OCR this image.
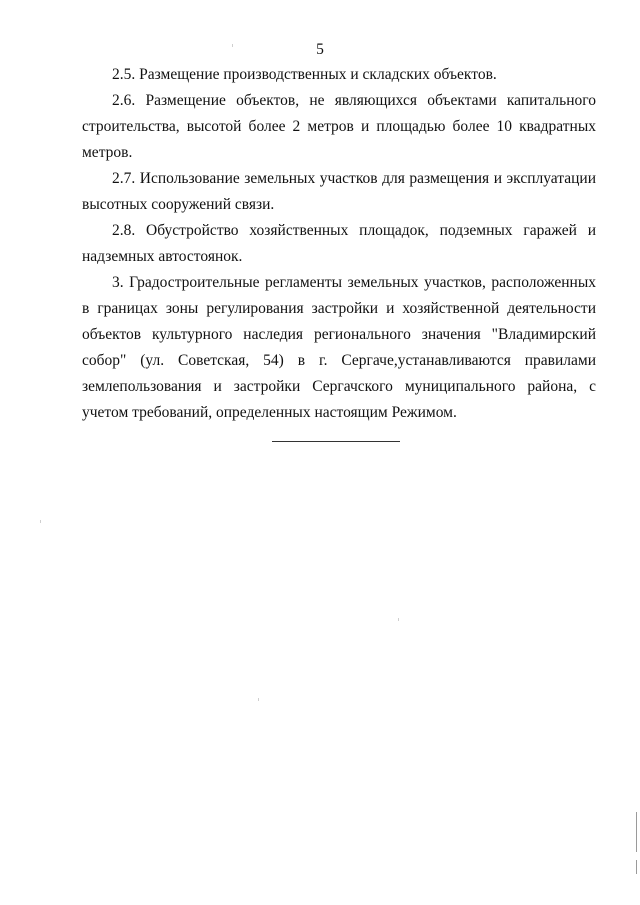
5

2.5. Размещение производственных и складских объектов.

2.6. Размещение объектов, не являющихся объектами капитального строительства, высотой более 2 метров и площадью более 10 квадратных метров.

2.7. Использование земельных участков для размещения и эксплуатации высотных сооружений связи.

2.8. Обустройство хозяйственных площадок, подземных гаражей и надземных автостоянок.

3. Градостроительные регламенты земельных участков, расположенных в границах зоны регулирования застройки и хозяйственной деятельности объектов культурного наследия регионального значения "Владимирский собор" (ул. Советская, 54) в г. Сергаче,устанавливаются правилами землепользования и застройки Сергачского муниципального района, с учетом требований, определенных настоящим Режимом.
